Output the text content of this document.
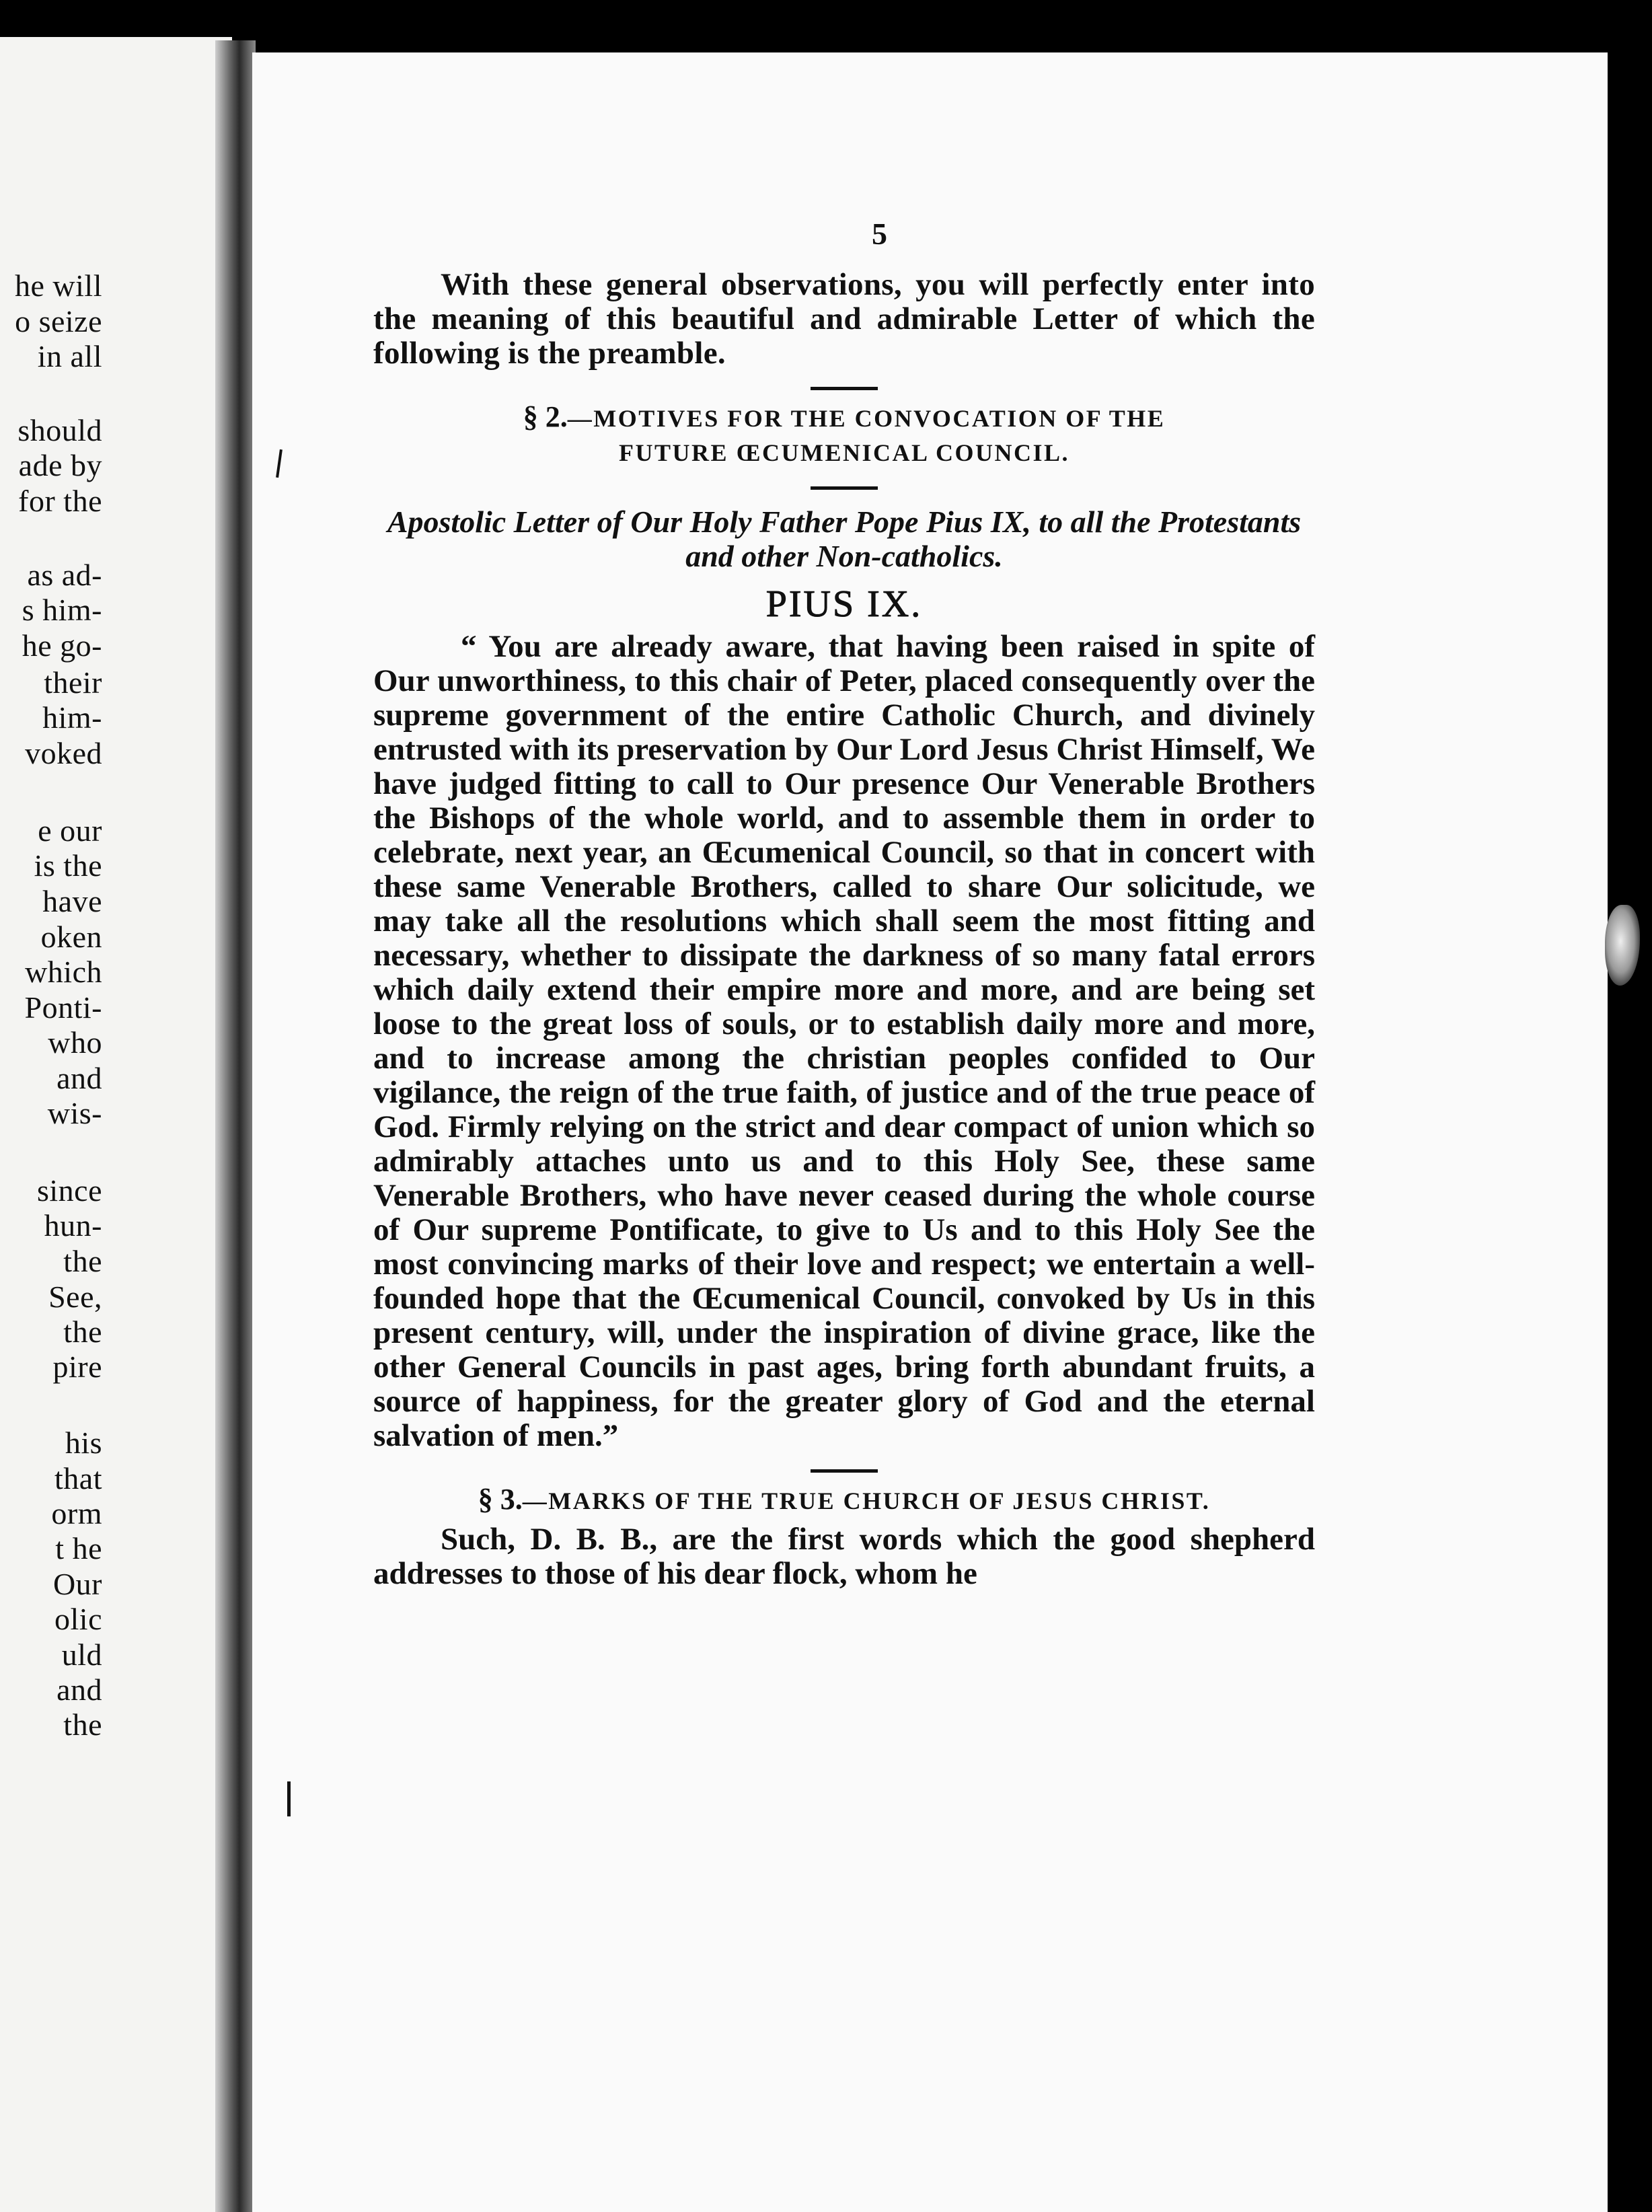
he will
o seize
in all
should
ade by
for the
as ad-
s him-
he go-
their
him-
voked
e our
is the
have
oken
which
Ponti-
who
and
wis-
since
hun-
the
See,
the
pire
his
that
orm
t he
Our
olic
uld
and
the
5

With these general observations, you will perfectly enter into the meaning of this beautiful and admirable Letter of which the following is the preamble.

§ 2.—MOTIVES FOR THE CONVOCATION OF THE
FUTURE ŒCUMENICAL COUNCIL.

Apostolic Letter of Our Holy Father Pope Pius IX, to all the Protestants and other Non-catholics.

PIUS IX.

“ You are already aware, that having been raised in spite of Our unworthiness, to this chair of Peter, placed consequently over the supreme government of the entire Catholic Church, and divinely entrusted with its preservation by Our Lord Jesus Christ Himself, We have judged fitting to call to Our presence Our Venerable Brothers the Bishops of the whole world, and to assemble them in order to celebrate, next year, an Œcumenical Council, so that in concert with these same Venerable Brothers, called to share Our solicitude, we may take all the resolutions which shall seem the most fitting and necessary, whether to dissipate the darkness of so many fatal errors which daily extend their empire more and more, and are being set loose to the great loss of souls, or to establish daily more and more, and to increase among the christian peoples confided to Our vigilance, the reign of the true faith, of justice and of the true peace of God. Firmly relying on the strict and dear compact of union which so admirably attaches unto us and to this Holy See, these same Venerable Brothers, who have never ceased during the whole course of Our supreme Pontificate, to give to Us and to this Holy See the most convincing marks of their love and respect; we entertain a well-founded hope that the Œcumenical Council, convoked by Us in this present century, will, under the inspiration of divine grace, like the other General Councils in past ages, bring forth abundant fruits, a source of happiness, for the greater glory of God and the eternal salvation of men.”

§ 3.—MARKS OF THE TRUE CHURCH OF JESUS CHRIST.

Such, D. B. B., are the first words which the good shepherd addresses to those of his dear flock, whom he
